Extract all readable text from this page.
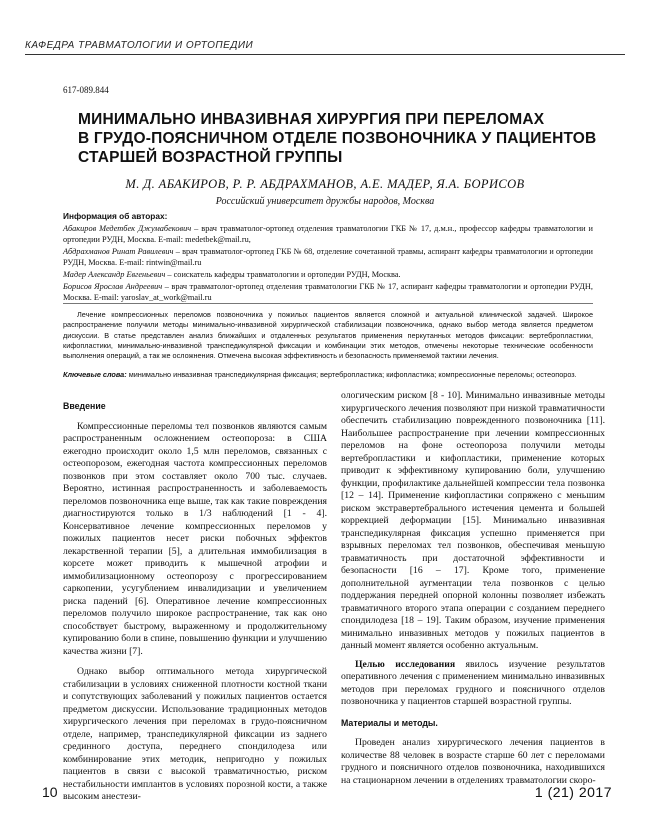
КАФЕДРА ТРАВМАТОЛОГИИ И ОРТОПЕДИИ
617-089.844
МИНИМАЛЬНО ИНВАЗИВНАЯ ХИРУРГИЯ ПРИ ПЕРЕЛОМАХ
В ГРУДО-ПОЯСНИЧНОМ ОТДЕЛЕ ПОЗВОНОЧНИКА У ПАЦИЕНТОВ
СТАРШЕЙ ВОЗРАСТНОЙ ГРУППЫ
М. Д. АБАКИРОВ, Р. Р. АБДРАХМАНОВ, А.Е. МАДЕР, Я.А. БОРИСОВ
Российский университет дружбы народов, Москва
Информация об авторах:

Абакиров Медетбек Джумабекович – врач травматолог-ортопед отделения травматологии ГКБ № 17, д.м.н., профессор кафедры травматологии и ортопедии РУДН, Москва. E-mail: medetbek@mail.ru,

Абдрахманов Ринат Равилевич – врач травматолог-ортопед ГКБ № 68, отделение сочетанной травмы, аспирант кафедры травматологии и ортопедии РУДН, Москва. E-mail: rintwin@mail.ru

Мадер Александр Евгеньевич – соискатель кафедры травматологии и ортопедии РУДН, Москва.

Борисов Ярослав Андреевич – врач травматолог-ортопед отделения травматологии ГКБ № 17, аспирант кафедры травматологии и ортопедии РУДН, Москва. E-mail: yaroslav_at_work@mail.ru

Лечение компрессионных переломов позвоночника у пожилых пациентов является сложной и актуальной клинической задачей. Широкое распространение получили методы минимально-инвазивной хирургической стабилизации позвоночника, однако выбор метода является предметом дискуссии. В статье представлен анализ ближайших и отдаленных результатов применения перкутанных методов фиксации: вертебропластики, кифопластики, минимально-инвазивной транспедикулярной фиксации и комбинации этих методов, отмечены некоторые технические особенности выполнения операций, а так же осложнения. Отмечена высокая эффективность и безопасность применяемой тактики лечения.
Ключевые слова: минимально инвазивная транспедикулярная фиксация; вертебропластика; кифопластика; компрессионные переломы; остеопороз.

Введение

Компрессионные переломы тел позвонков являются самым распространенным осложнением остеопороза: в США ежегодно происходит около 1,5 млн переломов, связанных с остеопорозом, ежегодная частота компрессионных переломов позвонков при этом составляет около 700 тыс. случаев. Вероятно, истинная распространенность и заболеваемость переломов позвоночника еще выше, так как такие повреждения диагностируются только в 1/3 наблюдений [1 - 4]. Консервативное лечение компрессионных переломов у пожилых пациентов несет риски побочных эффектов лекарственной терапии [5], а длительная иммобилизация в корсете может приводить к мышечной атрофии и иммобилизационному остеопорозу с прогрессированием саркопении, усугублением инвалидизации и увеличением риска падений [6]. Оперативное лечение компрессионных переломов получило широкое распространение, так как оно способствует быстрому, выраженному и продолжительному купированию боли в спине, повышению функции и улучшению качества жизни [7].

Однако выбор оптимального метода хирургической стабилизации в условиях сниженной плотности костной ткани и сопутствующих заболеваний у пожилых пациентов остается предметом дискуссии. Использование традиционных методов хирургического лечения при переломах в грудо-поясничном отделе, например, транспедикулярной фиксации из заднего срединного доступа, переднего спондилодеза или комбинирование этих методик, непригодно у пожилых пациентов в связи с высокой травматичностью, риском нестабильности имплантов в условиях порозной кости, а также высоким анестези-

ологическим риском [8 - 10]. Минимально инвазивные методы хирургического лечения позволяют при низкой травматичности обеспечить стабилизацию поврежденного позвоночника [11]. Наибольшее распространение при лечении компрессионных переломов на фоне остеопороза получили методы вертебропластики и кифопластики, применение которых приводит к эффективному купированию боли, улучшению функции, профилактике дальнейшей компрессии тела позвонка [12 – 14]. Применение кифопластики сопряжено с меньшим риском экстравертебрального истечения цемента и большей коррекцией деформации [15]. Минимально инвазивная транспедикулярная фиксация успешно применяется при взрывных переломах тел позвонков, обеспечивая меньшую травматичность при достаточной эффективности и безопасности [16 – 17]. Кроме того, применение дополнительной аугментации тела позвонков с целью поддержания передней опорной колонны позволяет избежать травматичного второго этапа операции с созданием переднего спондилодеза [18 – 19]. Таким образом, изучение применения минимально инвазивных методов у пожилых пациентов в данный момент является особенно актуальным.

Целью исследования явилось изучение результатов оперативного лечения с применением минимально инвазивных методов при переломах грудного и поясничного отделов позвоночника у пациентов старшей возрастной группы.

Материалы и методы.

Проведен анализ хирургического лечения пациентов в количестве 88 человек в возрасте старше 60 лет с переломами грудного и поясничного отделов позвоночника, находившихся на стационарном лечении в отделениях травматологии скоро-

10	1 (21) 2017
